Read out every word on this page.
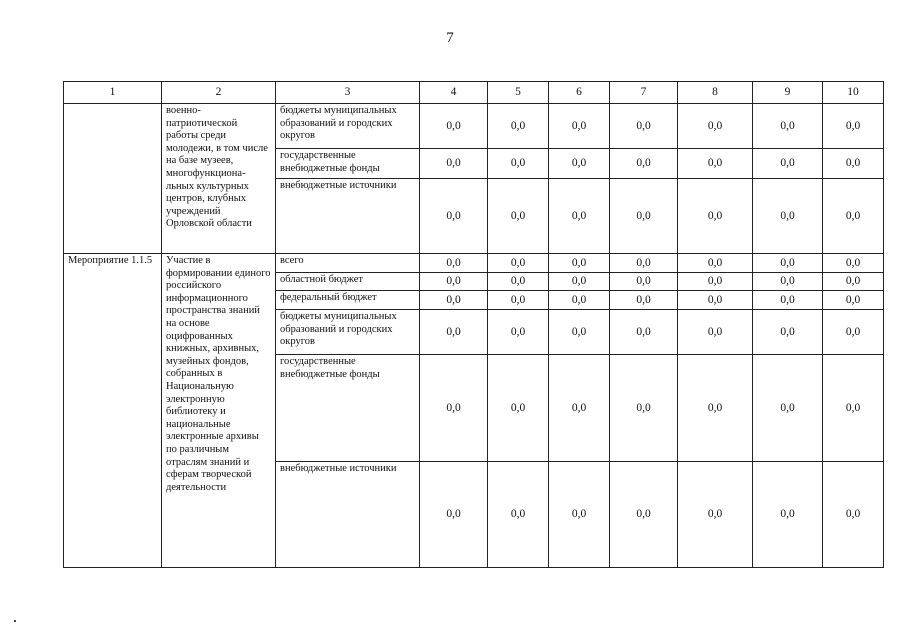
7
1	2	3	4	5	6	7	8	9	10
	военно-патриотической работы среди молодежи, в том числе на базе музеев, многофункциона-льных культурных центров, клубных учреждений Орловской области	бюджеты муниципальных образований и городских округов	0,0	0,0	0,0	0,0	0,0	0,0	0,0
		государственные внебюджетные фонды	0,0	0,0	0,0	0,0	0,0	0,0	0,0
		внебюджетные источники	0,0	0,0	0,0	0,0	0,0	0,0	0,0
Мероприятие 1.1.5	Участие в формировании единого российского информационного пространства знаний на основе оцифрованных книжных, архивных, музейных фондов, собранных в Национальную электронную библиотеку и национальные электронные архивы по различным отраслям знаний и сферам творческой деятельности	всего	0,0	0,0	0,0	0,0	0,0	0,0	0,0
		областной бюджет	0,0	0,0	0,0	0,0	0,0	0,0	0,0
		федеральный бюджет	0,0	0,0	0,0	0,0	0,0	0,0	0,0
		бюджеты муниципальных образований и городских округов	0,0	0,0	0,0	0,0	0,0	0,0	0,0
		государственные внебюджетные фонды	0,0	0,0	0,0	0,0	0,0	0,0	0,0
		внебюджетные источники	0,0	0,0	0,0	0,0	0,0	0,0	0,0
